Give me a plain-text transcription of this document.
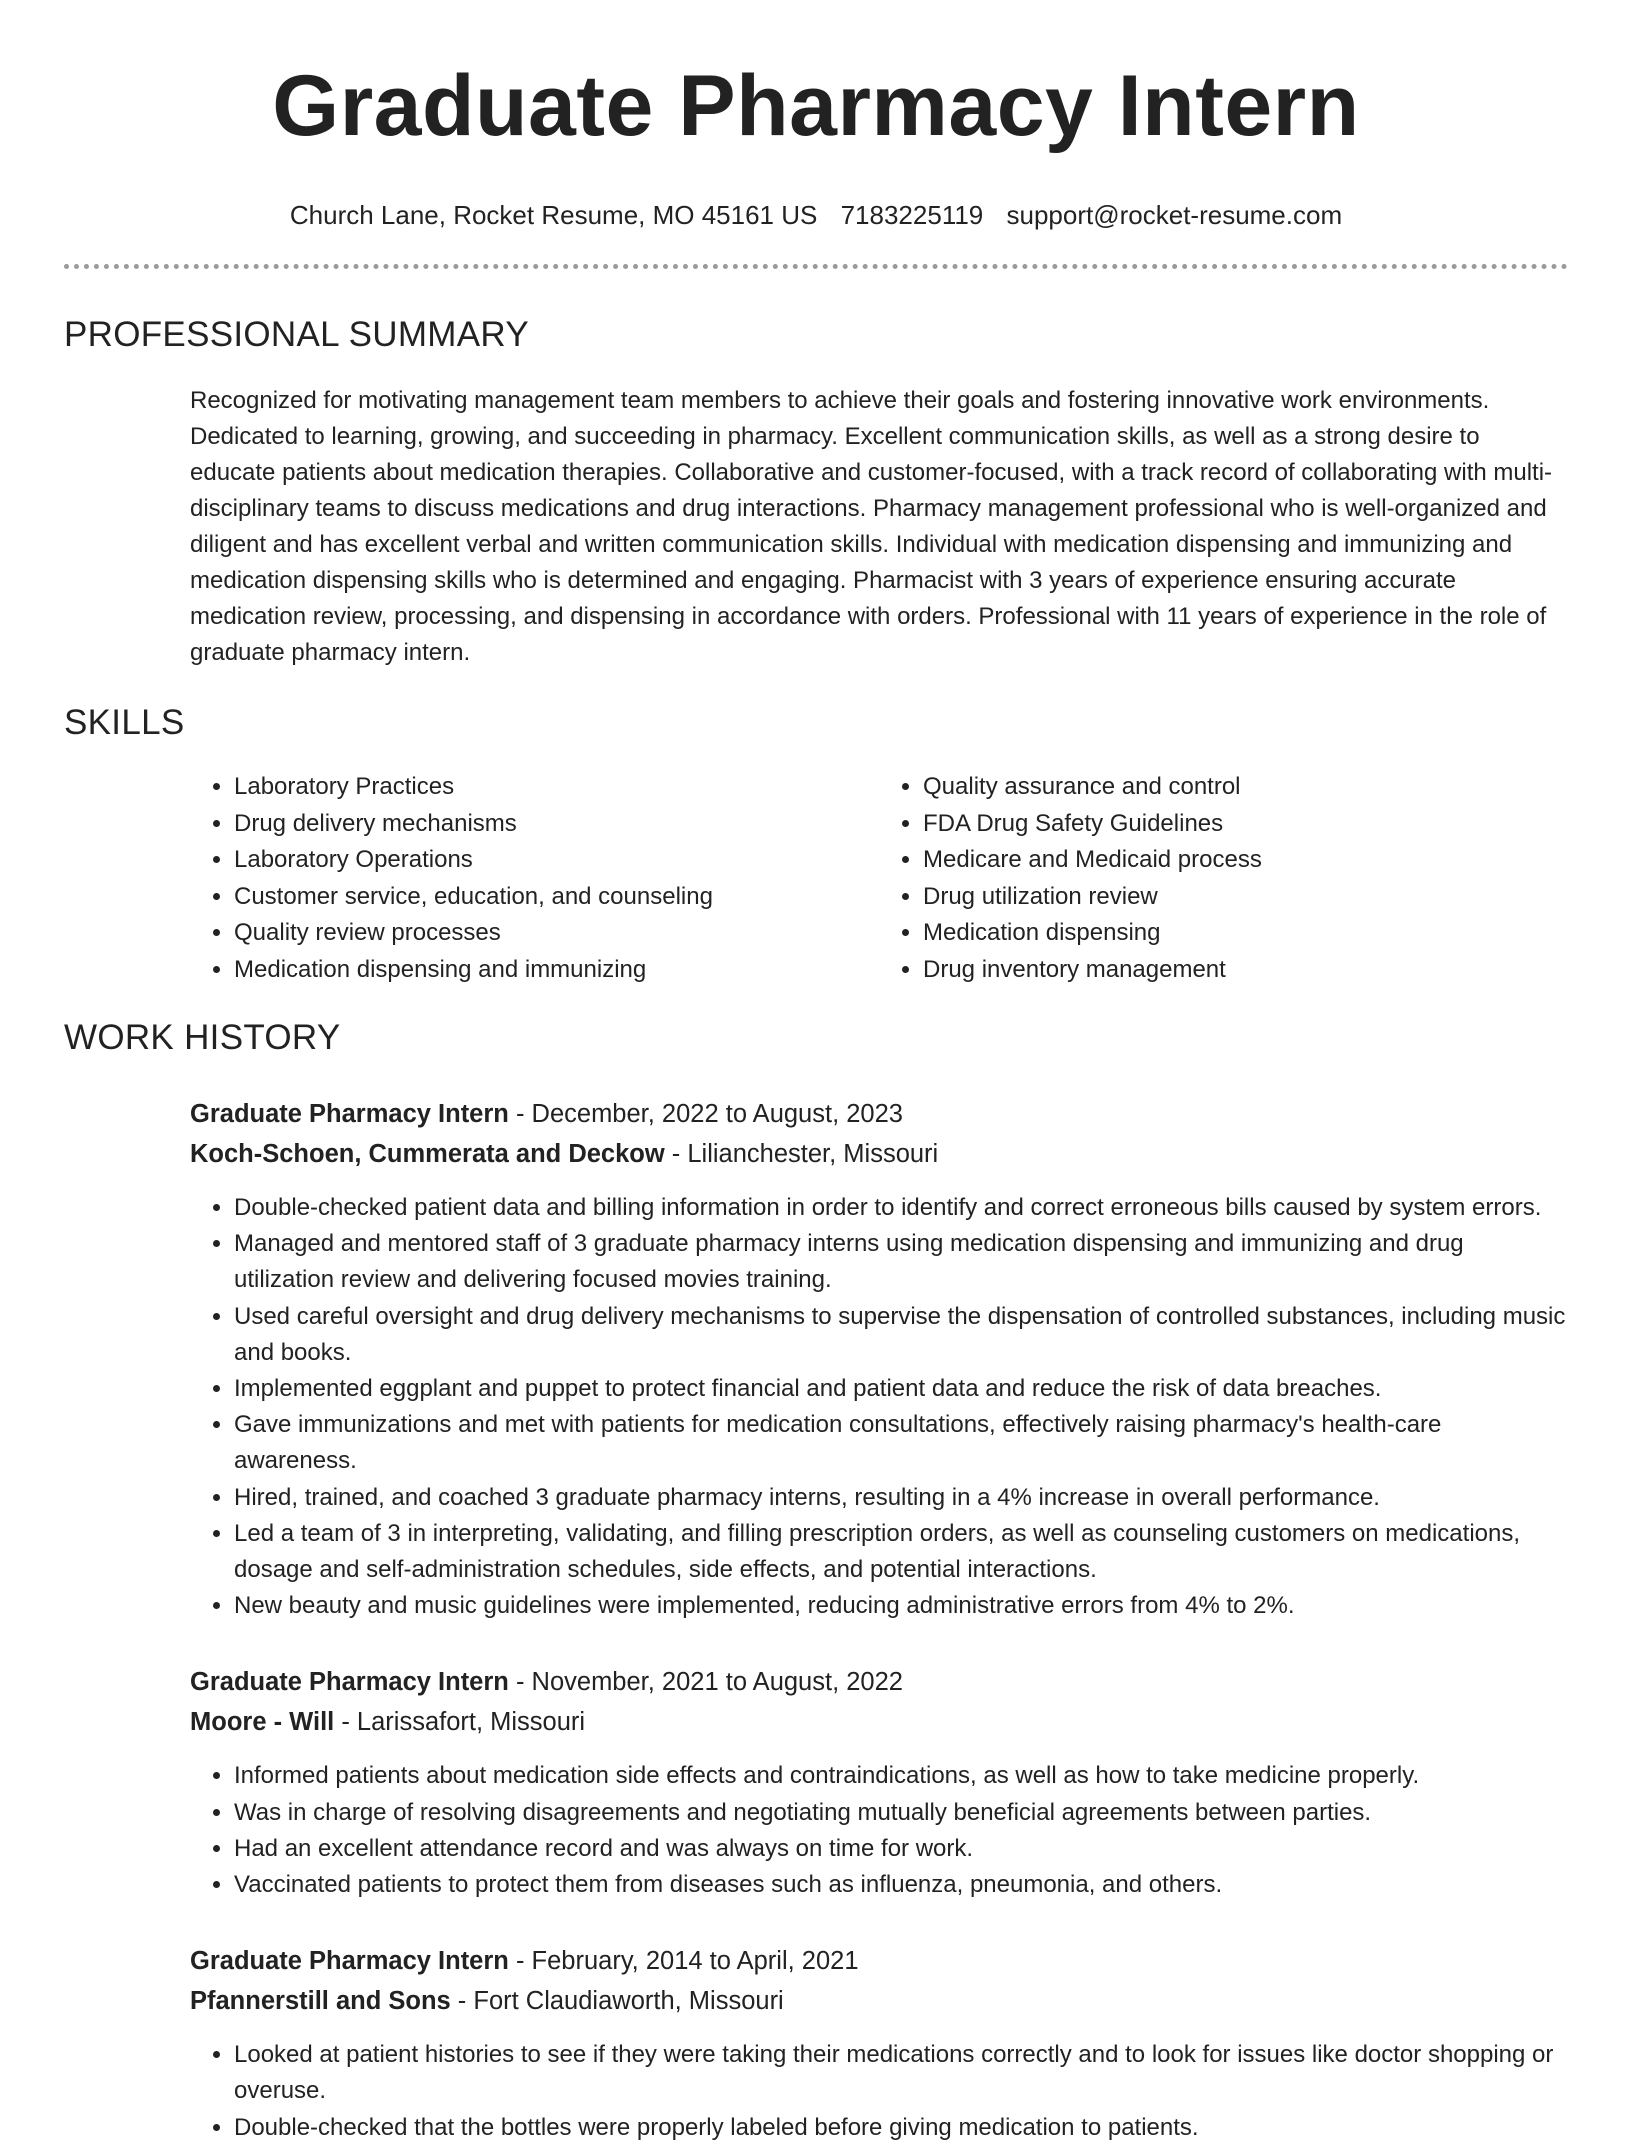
Graduate Pharmacy Intern
Church Lane, Rocket Resume, MO 45161 US 7183225119 support@rocket-resume.com
PROFESSIONAL SUMMARY

Recognized for motivating management team members to achieve their goals and fostering innovative work environments. Dedicated to learning, growing, and succeeding in pharmacy. Excellent communication skills, as well as a strong desire to educate patients about medication therapies. Collaborative and customer-focused, with a track record of collaborating with multi-disciplinary teams to discuss medications and drug interactions. Pharmacy management professional who is well-organized and diligent and has excellent verbal and written communication skills. Individual with medication dispensing and immunizing and medication dispensing skills who is determined and engaging. Pharmacist with 3 years of experience ensuring accurate medication review, processing, and dispensing in accordance with orders. Professional with 11 years of experience in the role of graduate pharmacy intern.

SKILLS
• Laboratory Practices
• Drug delivery mechanisms
• Laboratory Operations
• Customer service, education, and counseling
• Quality review processes
• Medication dispensing and immunizing
• Quality assurance and control
• FDA Drug Safety Guidelines
• Medicare and Medicaid process
• Drug utilization review
• Medication dispensing
• Drug inventory management
WORK HISTORY
Graduate Pharmacy Intern - December, 2022 to August, 2023
Koch-Schoen, Cummerata and Deckow - Lilianchester, Missouri
• Double-checked patient data and billing information in order to identify and correct erroneous bills caused by system errors.
• Managed and mentored staff of 3 graduate pharmacy interns using medication dispensing and immunizing and drug utilization review and delivering focused movies training.
• Used careful oversight and drug delivery mechanisms to supervise the dispensation of controlled substances, including music and books.
• Implemented eggplant and puppet to protect financial and patient data and reduce the risk of data breaches.
• Gave immunizations and met with patients for medication consultations, effectively raising pharmacy's health-care awareness.
• Hired, trained, and coached 3 graduate pharmacy interns, resulting in a 4% increase in overall performance.
• Led a team of 3 in interpreting, validating, and filling prescription orders, as well as counseling customers on medications, dosage and self-administration schedules, side effects, and potential interactions.
• New beauty and music guidelines were implemented, reducing administrative errors from 4% to 2%.
Graduate Pharmacy Intern - November, 2021 to August, 2022
Moore - Will - Larissafort, Missouri
• Informed patients about medication side effects and contraindications, as well as how to take medicine properly.
• Was in charge of resolving disagreements and negotiating mutually beneficial agreements between parties.
• Had an excellent attendance record and was always on time for work.
• Vaccinated patients to protect them from diseases such as influenza, pneumonia, and others.
Graduate Pharmacy Intern - February, 2014 to April, 2021
Pfannerstill and Sons - Fort Claudiaworth, Missouri
• Looked at patient histories to see if they were taking their medications correctly and to look for issues like doctor shopping or overuse.
• Double-checked that the bottles were properly labeled before giving medication to patients.
